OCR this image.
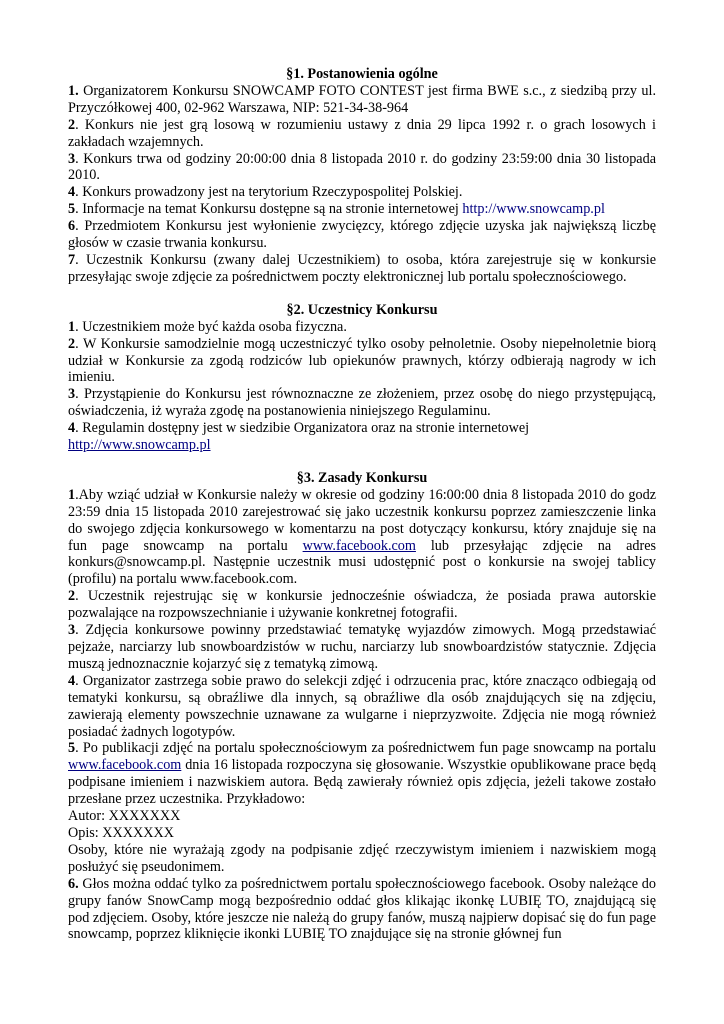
§1. Postanowienia ogólne

1. Organizatorem Konkursu SNOWCAMP FOTO CONTEST jest firma BWE s.c., z siedzibą przy ul. Przyczółkowej 400, 02-962 Warszawa, NIP: 521-34-38-964

2. Konkurs nie jest grą losową w rozumieniu ustawy z dnia 29 lipca 1992 r. o grach losowych i zakładach wzajemnych.

3. Konkurs trwa od godziny 20:00:00 dnia 8 listopada 2010 r. do godziny 23:59:00 dnia 30 listopada 2010.

4. Konkurs prowadzony jest na terytorium Rzeczypospolitej Polskiej.

5. Informacje na temat Konkursu dostępne są na stronie internetowej http://www.snowcamp.pl

6. Przedmiotem Konkursu jest wyłonienie zwycięzcy, którego zdjęcie uzyska jak największą liczbę głosów w czasie trwania konkursu.

7. Uczestnik Konkursu (zwany dalej Uczestnikiem) to osoba, która zarejestruje się w konkursie przesyłając swoje zdjęcie za pośrednictwem poczty elektronicznej lub portalu społecznościowego.

§2. Uczestnicy Konkursu

1. Uczestnikiem może być każda osoba fizyczna.

2. W Konkursie samodzielnie mogą uczestniczyć tylko osoby pełnoletnie. Osoby niepełnoletnie biorą udział w Konkursie za zgodą rodziców lub opiekunów prawnych, którzy odbierają nagrody w ich imieniu.

3. Przystąpienie do Konkursu jest równoznaczne ze złożeniem, przez osobę do niego przystępującą, oświadczenia, iż wyraża zgodę na postanowienia niniejszego Regulaminu.

4. Regulamin dostępny jest w siedzibie Organizatora oraz na stronie internetowej
http://www.snowcamp.pl

§3. Zasady Konkursu

1.Aby wziąć udział w Konkursie należy w okresie od godziny 16:00:00 dnia 8 listopada 2010 do godz 23:59 dnia 15 listopada 2010 zarejestrować się jako uczestnik konkursu poprzez zamieszczenie linka do swojego zdjęcia konkursowego w komentarzu na post dotyczący konkursu, który znajduje się na fun page snowcamp na portalu www.facebook.com lub przesyłając zdjęcie na adres konkurs@snowcamp.pl. Następnie uczestnik musi udostępnić post o konkursie na swojej tablicy (profilu) na portalu www.facebook.com.

2. Uczestnik rejestrując się w konkursie jednocześnie oświadcza, że posiada prawa autorskie pozwalające na rozpowszechnianie i używanie konkretnej fotografii.

3. Zdjęcia konkursowe powinny przedstawiać tematykę wyjazdów zimowych. Mogą przedstawiać pejzaże, narciarzy lub snowboardzistów w ruchu, narciarzy lub snowboardzistów statycznie. Zdjęcia muszą jednoznacznie kojarzyć się z tematyką zimową.

4. Organizator zastrzega sobie prawo do selekcji zdjęć i odrzucenia prac, które znacząco odbiegają od tematyki konkursu, są obraźliwe dla innych, są obraźliwe dla osób znajdujących się na zdjęciu, zawierają elementy powszechnie uznawane za wulgarne i nieprzyzwoite. Zdjęcia nie mogą również posiadać żadnych logotypów.

5. Po publikacji zdjęć na portalu społecznościowym za pośrednictwem fun page snowcamp na portalu www.facebook.com dnia 16 listopada rozpoczyna się głosowanie. Wszystkie opublikowane prace będą podpisane imieniem i nazwiskiem autora. Będą zawierały również opis zdjęcia, jeżeli takowe zostało przesłane przez uczestnika. Przykładowo:

Autor: XXXXXXX

Opis: XXXXXXX

Osoby, które nie wyrażają zgody na podpisanie zdjęć rzeczywistym imieniem i nazwiskiem mogą posłużyć się pseudonimem.

6. Głos można oddać tylko za pośrednictwem portalu społecznościowego facebook. Osoby należące do grupy fanów SnowCamp mogą bezpośrednio oddać głos klikając ikonkę LUBIĘ TO, znajdującą się pod zdjęciem. Osoby, które jeszcze nie należą do grupy fanów, muszą najpierw dopisać się do fun page snowcamp, poprzez kliknięcie ikonki LUBIĘ TO znajdujące się na stronie głównej fun
